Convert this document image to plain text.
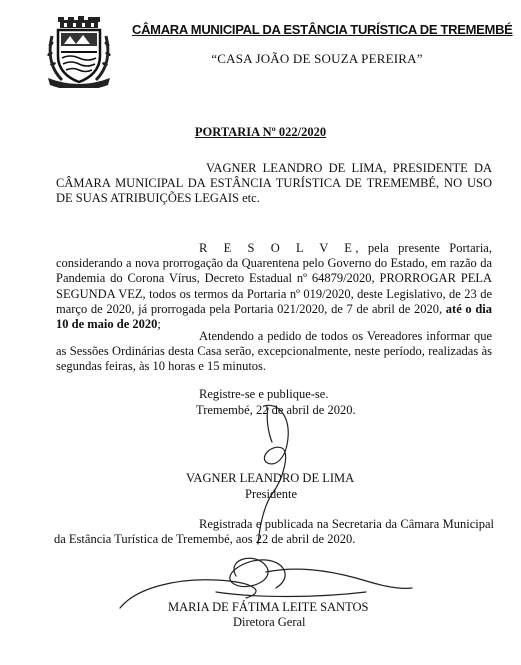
CÂMARA MUNICIPAL DA ESTÂNCIA TURÍSTICA DE TREMEMBÉ
“CASA JOÃO DE SOUZA PEREIRA”
PORTARIA Nº 022/2020

VAGNER LEANDRO DE LIMA, PRESIDENTE DA CÂMARA MUNICIPAL DA ESTÂNCIA TURÍSTICA DE TREMEMBÉ, NO USO DE SUAS ATRIBUIÇÕES LEGAIS etc.

R E S O L V E, pela presente Portaria, considerando a nova prorrogação da Quarentena pelo Governo do Estado, em razão da Pandemia do Corona Vírus, Decreto Estadual nº 64879/2020, PRORROGAR PELA SEGUNDA VEZ, todos os termos da Portaria nº 019/2020, deste Legislativo, de 23 de março de 2020, já prorrogada pela Portaria 021/2020, de 7 de abril de 2020, até o dia 10 de maio de 2020;

Atendendo a pedido de todos os Vereadores informar que as Sessões Ordinárias desta Casa serão, excepcionalmente, neste período, realizadas às segundas feiras, às 10 horas e 15 minutos.

Registre-se e publique-se.
Tremembé, 22 de abril de 2020.
VAGNER LEANDRO DE LIMA
Presidente

Registrada e publicada na Secretaria da Câmara Municipal da Estância Turística de Tremembé, aos 22 de abril de 2020.

MARIA DE FÁTIMA LEITE SANTOS
Diretora Geral
